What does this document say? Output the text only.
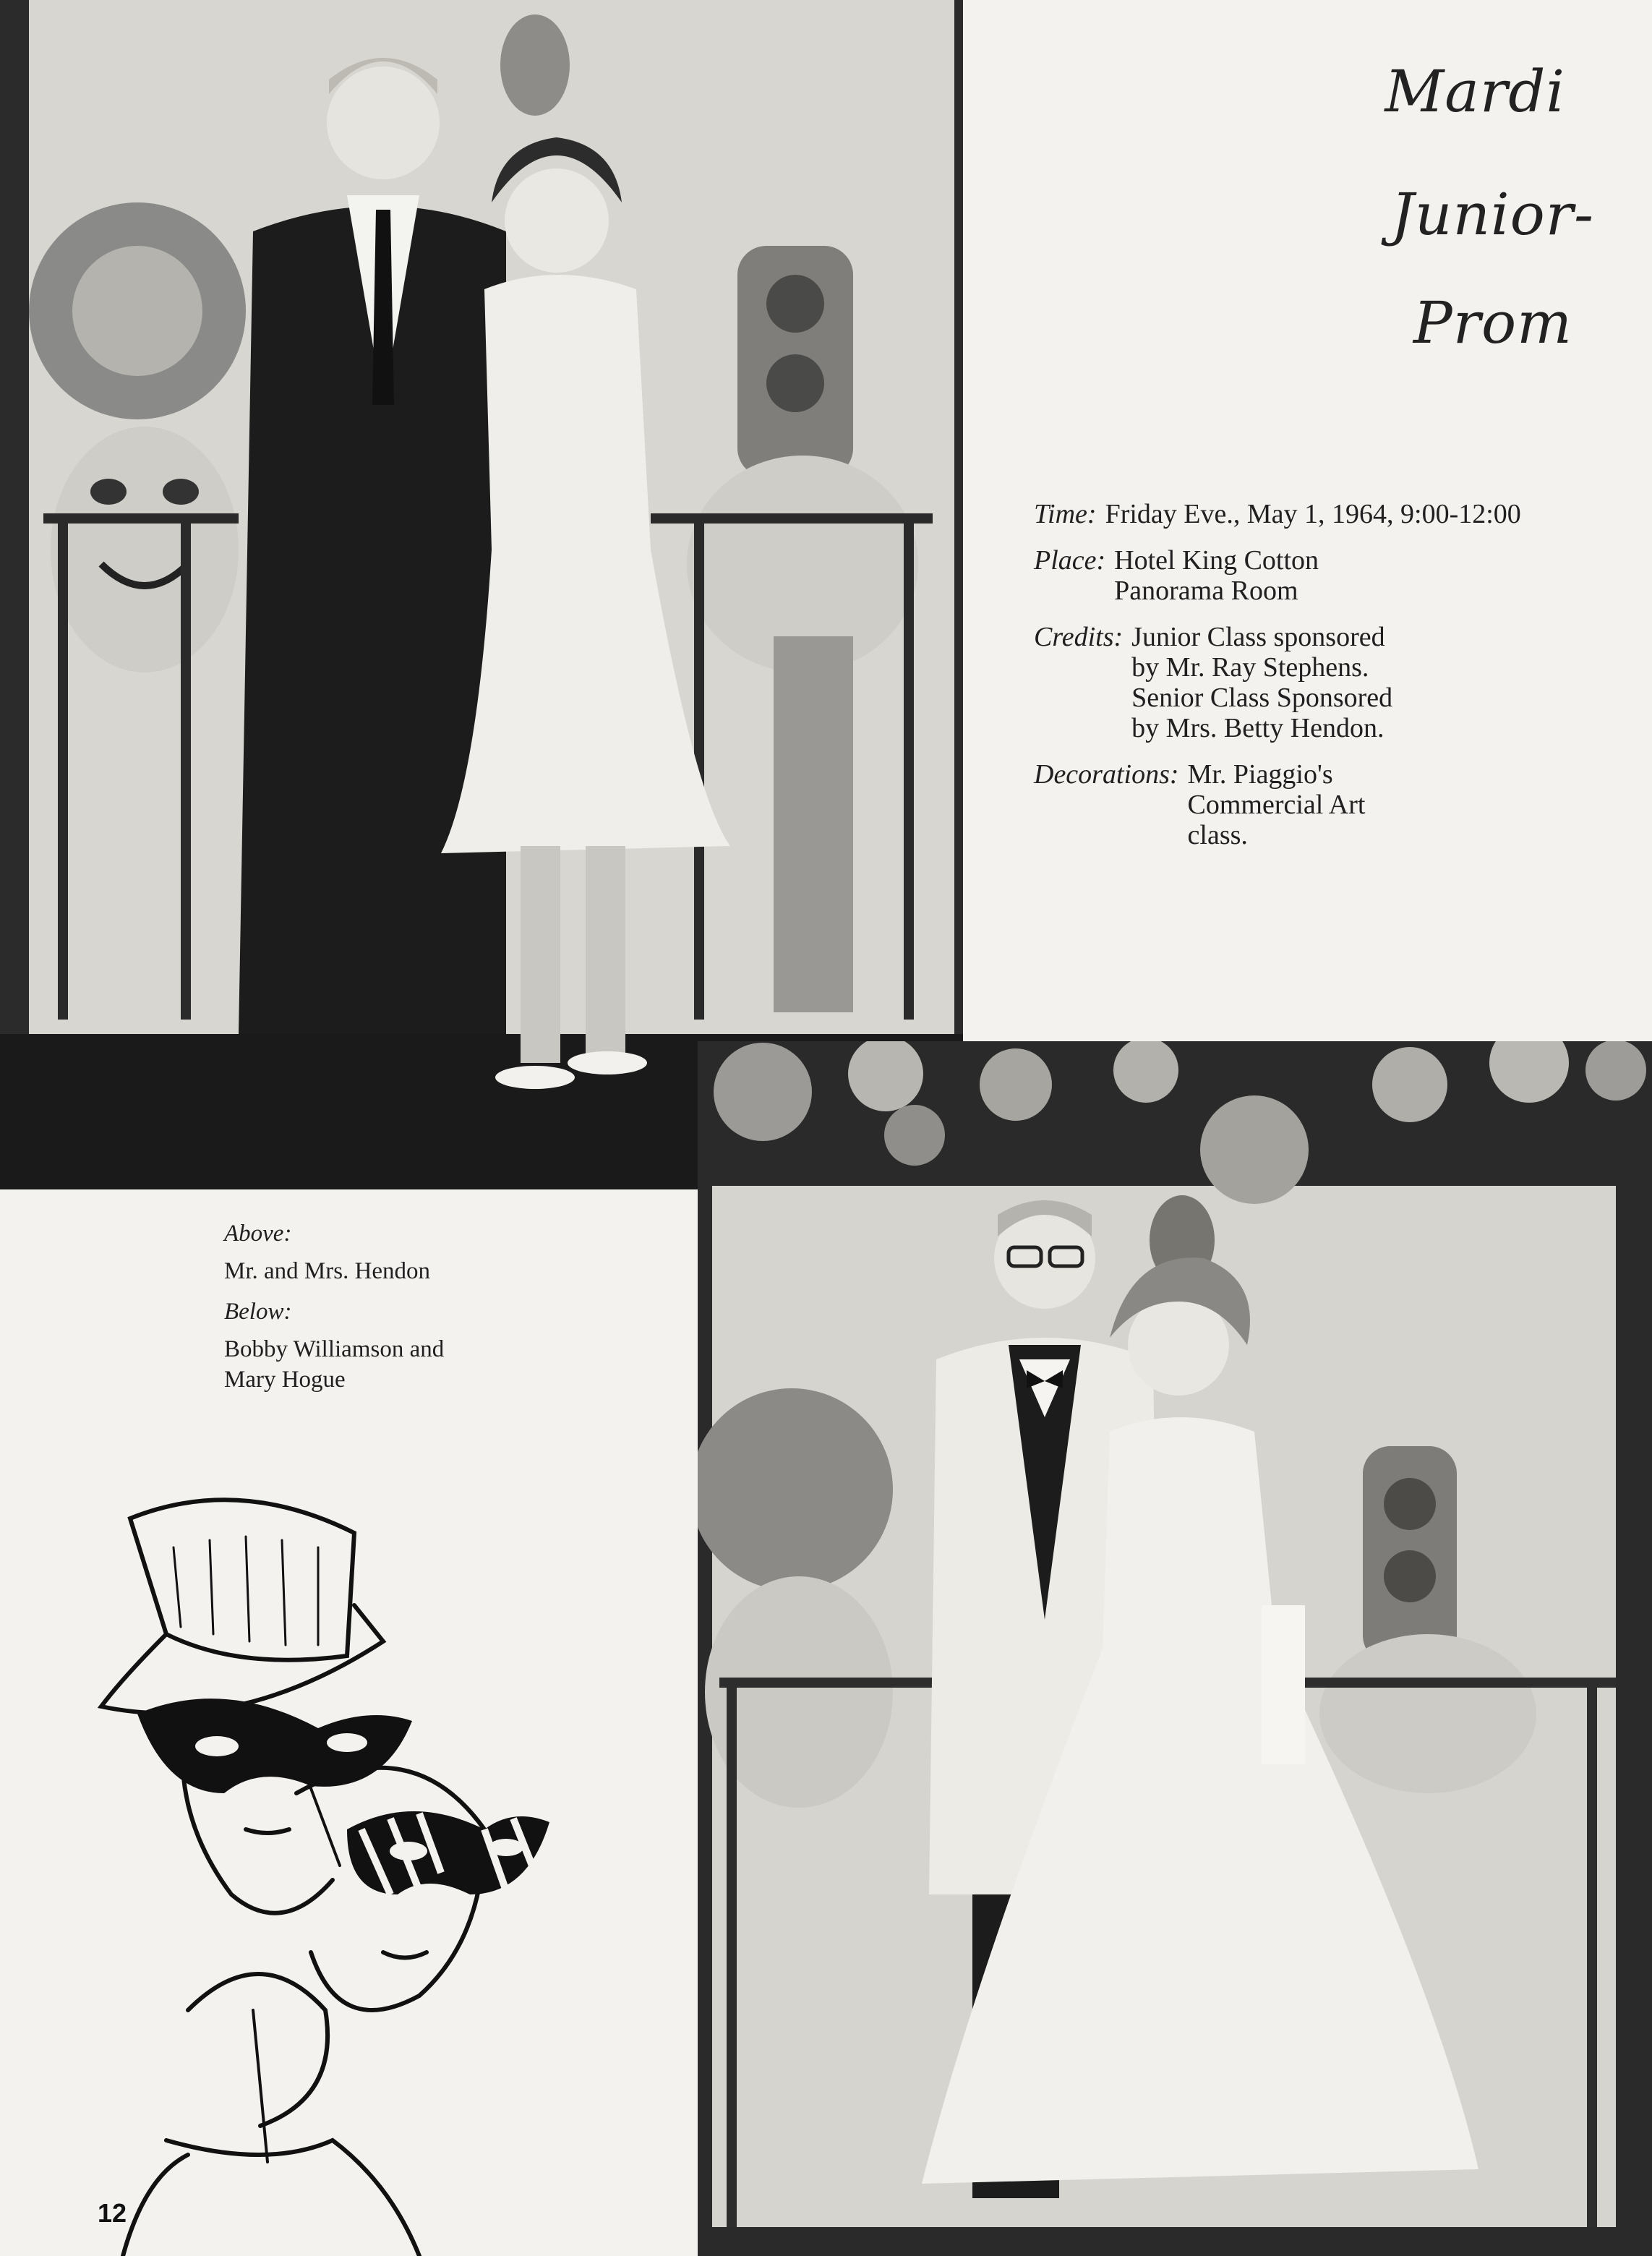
Mardi
Junior-
Prom
Time: Friday Eve., May 1, 1964, 9:00-12:00
Place: Hotel King Cotton
Panorama Room
Credits: Junior Class sponsored
by Mr. Ray Stephens.
Senior Class Sponsored
by Mrs. Betty Hendon.
Decorations: Mr. Piaggio's
Commercial Art
class.

Above:

Mr. and Mrs. Hendon

Below:

Bobby Williamson and
Mary Hogue

12
